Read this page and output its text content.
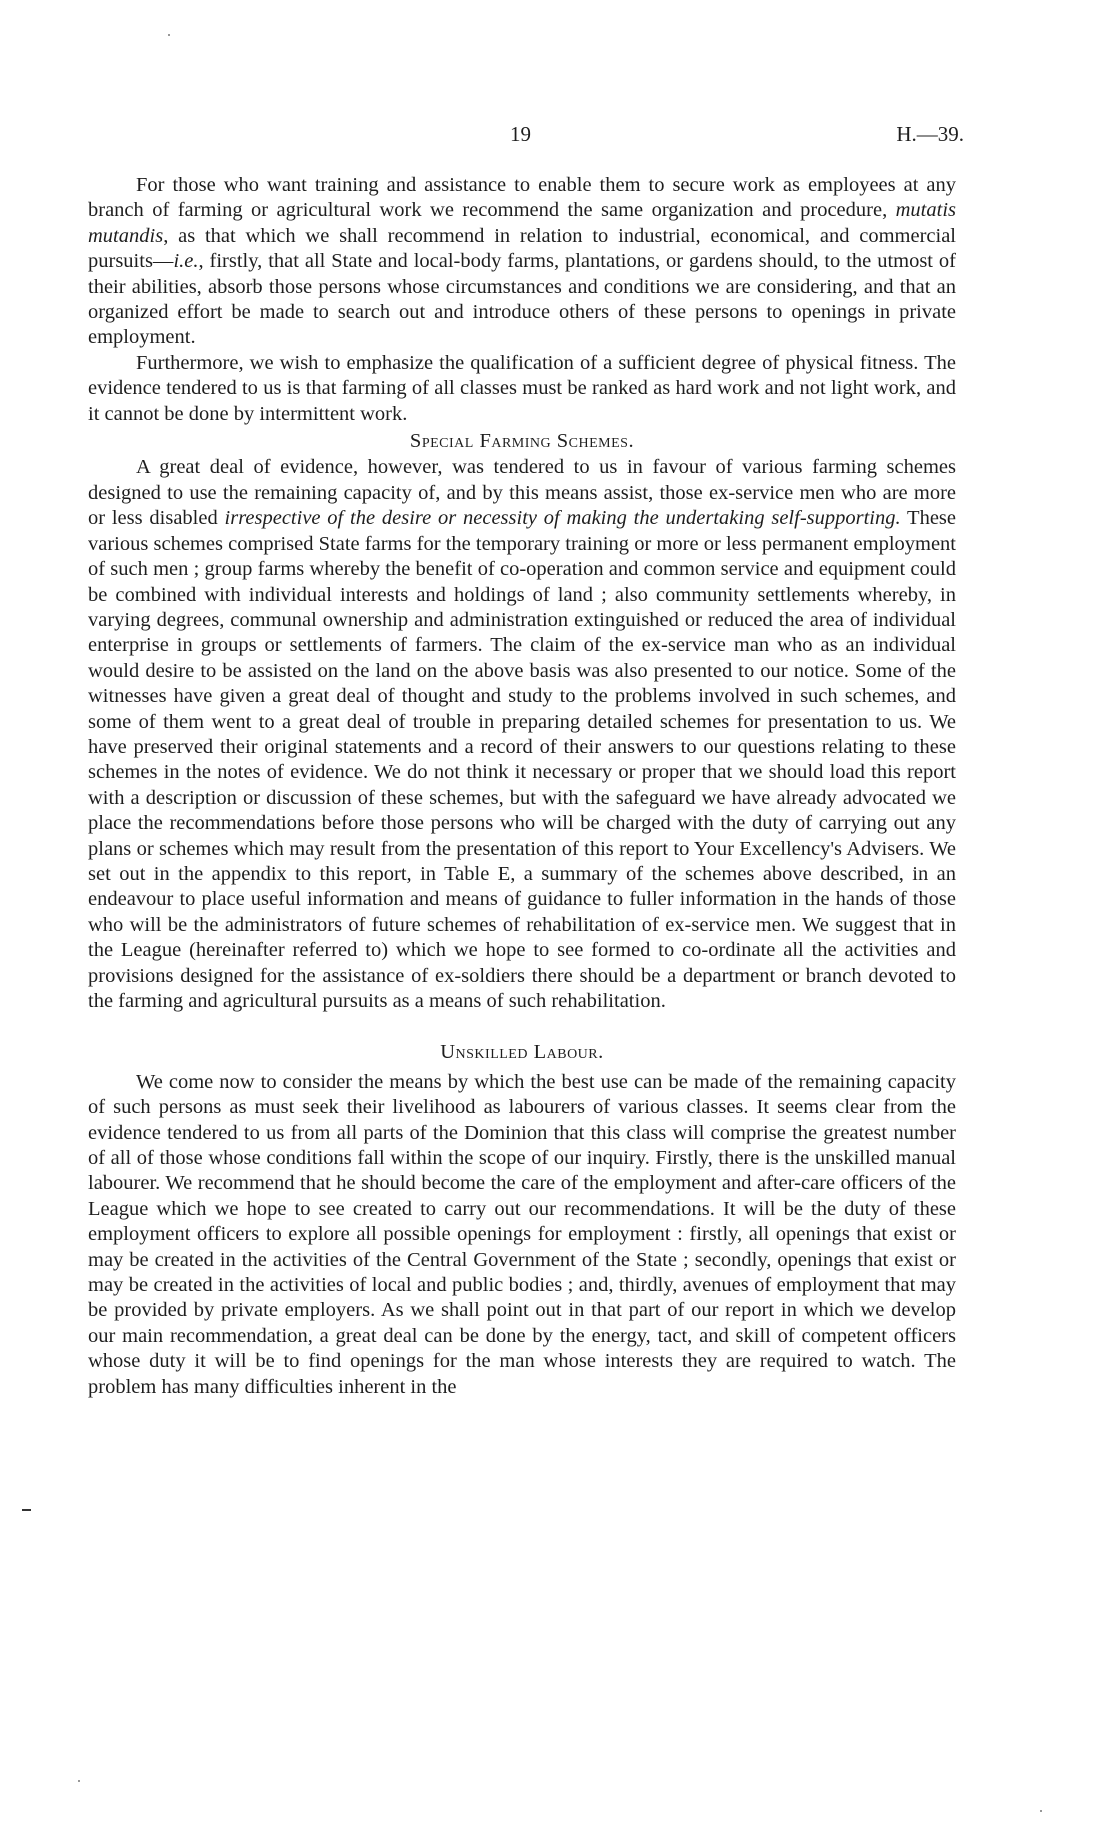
19	H.—39.

For those who want training and assistance to enable them to secure work as employees at any branch of farming or agricultural work we recommend the same organization and procedure, mutatis mutandis, as that which we shall recommend in relation to industrial, economical, and commercial pursuits—i.e., firstly, that all State and local-body farms, plantations, or gardens should, to the utmost of their abilities, absorb those persons whose circumstances and conditions we are considering, and that an organized effort be made to search out and introduce others of these persons to openings in private employment.

Furthermore, we wish to emphasize the qualification of a sufficient degree of physical fitness. The evidence tendered to us is that farming of all classes must be ranked as hard work and not light work, and it cannot be done by intermittent work.

Special Farming Schemes.

A great deal of evidence, however, was tendered to us in favour of various farming schemes designed to use the remaining capacity of, and by this means assist, those ex-service men who are more or less disabled irrespective of the desire or necessity of making the undertaking self-supporting. These various schemes comprised State farms for the temporary training or more or less permanent employment of such men ; group farms whereby the benefit of co-operation and common service and equipment could be combined with individual interests and holdings of land ; also community settlements whereby, in varying degrees, communal ownership and administration extinguished or reduced the area of individual enterprise in groups or settlements of farmers. The claim of the ex-service man who as an individual would desire to be assisted on the land on the above basis was also presented to our notice. Some of the witnesses have given a great deal of thought and study to the problems involved in such schemes, and some of them went to a great deal of trouble in preparing detailed schemes for presentation to us. We have preserved their original statements and a record of their answers to our questions relating to these schemes in the notes of evidence. We do not think it necessary or proper that we should load this report with a description or discussion of these schemes, but with the safeguard we have already advocated we place the recommendations before those persons who will be charged with the duty of carrying out any plans or schemes which may result from the presentation of this report to Your Excellency's Advisers. We set out in the appendix to this report, in Table E, a summary of the schemes above described, in an endeavour to place useful information and means of guidance to fuller information in the hands of those who will be the administrators of future schemes of rehabilitation of ex-service men. We suggest that in the League (hereinafter referred to) which we hope to see formed to co-ordinate all the activities and provisions designed for the assistance of ex-soldiers there should be a department or branch devoted to the farming and agricultural pursuits as a means of such rehabilitation.

Unskilled Labour.

We come now to consider the means by which the best use can be made of the remaining capacity of such persons as must seek their livelihood as labourers of various classes. It seems clear from the evidence tendered to us from all parts of the Dominion that this class will comprise the greatest number of all of those whose conditions fall within the scope of our inquiry. Firstly, there is the unskilled manual labourer. We recommend that he should become the care of the employment and after-care officers of the League which we hope to see created to carry out our recommendations. It will be the duty of these employment officers to explore all possible openings for employment : firstly, all openings that exist or may be created in the activities of the Central Government of the State ; secondly, openings that exist or may be created in the activities of local and public bodies ; and, thirdly, avenues of employment that may be provided by private employers. As we shall point out in that part of our report in which we develop our main recommendation, a great deal can be done by the energy, tact, and skill of competent officers whose duty it will be to find openings for the man whose interests they are required to watch. The problem has many difficulties inherent in the
